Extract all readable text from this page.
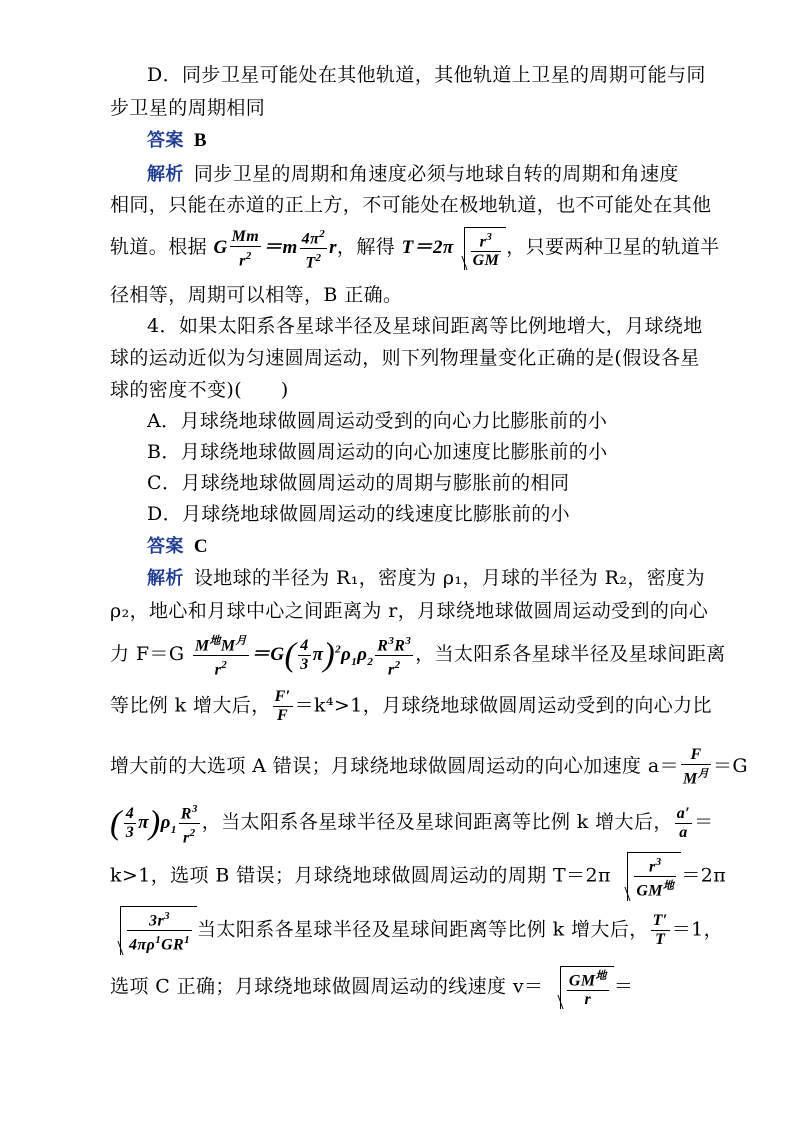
D．同步卫星可能处在其他轨道，其他轨道上卫星的周期可能与同
步卫星的周期相同
答案 B
解析 同步卫星的周期和角速度必须与地球自转的周期和角速度
相同，只能在赤道的正上方，不可能处在极地轨道，也不可能处在其他
轨道。根据 G $\frac{Mm}{r^2} =m \frac{4\pi^2}{T^2}$ r，解得 $T=2\pi \frac{r^3}{GM}$ ，只要两种卫星的轨道半
径相等，周期可以相等，B 正确。
4．如果太阳系各星球半径及星球间距离等比例地增大，月球绕地
球的运动近似为匀速圆周运动，则下列物理量变化正确的是(假设各星
球的密度不变)(　　)
A．月球绕地球做圆周运动受到的向心力比膨胀前的小
B．月球绕地球做圆周运动的向心加速度比膨胀前的小
C．月球绕地球做圆周运动的周期与膨胀前的相同
D．月球绕地球做圆周运动的线速度比膨胀前的小
答案 C
解析 设地球的半径为 R₁，密度为 ρ₁，月球的半径为 R₂，密度为
ρ₂，地心和月球中心之间距离为 r，月球绕地球做圆周运动受到的向心
力 $F=G \frac{M^地M^月}{r^2} =G( \frac{4}{3} \pi)^2\rho_1\rho_2 \frac{R^3R^3}{r^2}$ ，当太阳系各星球半径及星球间距离
等比例 k 增大后， $\frac{F'}{F} =k^4>1$，月球绕地球做圆周运动受到的向心力比
增大前的大选项 A 错误；月球绕地球做圆周运动的向心加速度 $a= \frac{F}{M^月} =G$
( $\frac{4}{3} \pi)\rho_1 \frac{R^3}{r^2}$ ，当太阳系各星球半径及星球间距离等比例 k 增大后， $\frac{a'}{a}$ ＝
k>1，选项 B 错误；月球绕地球做圆周运动的周期 $T=2\pi \frac{r^3}{GM^地} =2\pi$
$\frac{3r^3}{4\pi\rho^1GR^1}$ 当太阳系各星球半径及星球间距离等比例 k 增大后， $\frac{T'}{T} =1$，
选项 C 正确；月球绕地球做圆周运动的线速度 $v= \frac{GM^地}{r}$ ＝
